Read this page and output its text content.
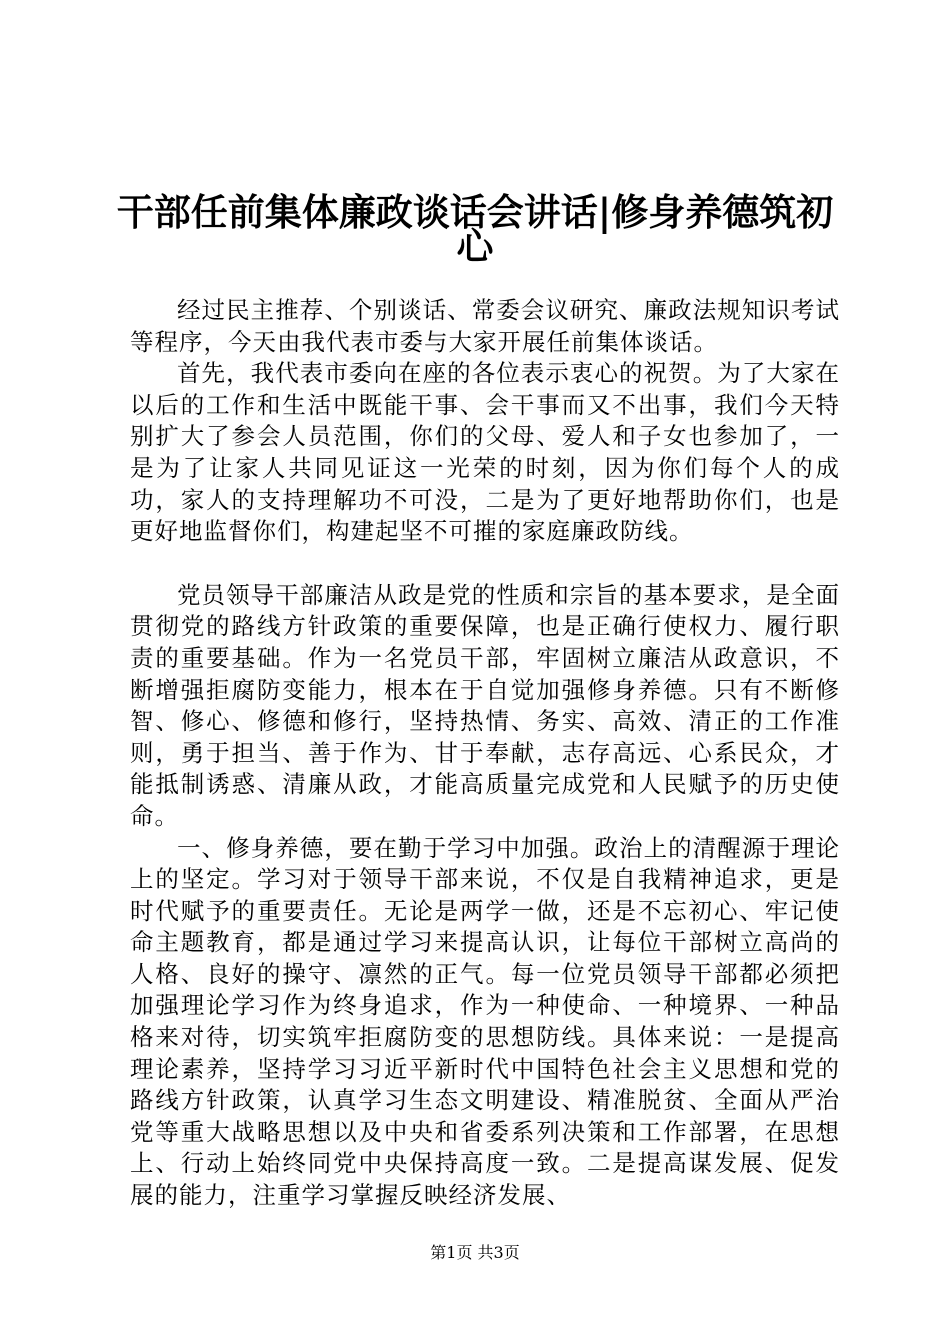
干部任前集体廉政谈话会讲话|修身养德筑初
心

经过民主推荐、个别谈话、常委会议研究、廉政法规知识考试等程序，今天由我代表市委与大家开展任前集体谈话。

首先，我代表市委向在座的各位表示衷心的祝贺。为了大家在以后的工作和生活中既能干事、会干事而又不出事，我们今天特别扩大了参会人员范围，你们的父母、爱人和子女也参加了，一是为了让家人共同见证这一光荣的时刻，因为你们每个人的成功，家人的支持理解功不可没，二是为了更好地帮助你们，也是更好地监督你们，构建起坚不可摧的家庭廉政防线。

党员领导干部廉洁从政是党的性质和宗旨的基本要求，是全面贯彻党的路线方针政策的重要保障，也是正确行使权力、履行职责的重要基础。作为一名党员干部，牢固树立廉洁从政意识，不断增强拒腐防变能力，根本在于自觉加强修身养德。只有不断修智、修心、修德和修行，坚持热情、务实、高效、清正的工作准则，勇于担当、善于作为、甘于奉献，志存高远、心系民众，才能抵制诱惑、清廉从政，才能高质量完成党和人民赋予的历史使命。

一、修身养德，要在勤于学习中加强。政治上的清醒源于理论上的坚定。学习对于领导干部来说，不仅是自我精神追求，更是时代赋予的重要责任。无论是两学一做，还是不忘初心、牢记使命主题教育，都是通过学习来提高认识，让每位干部树立高尚的人格、良好的操守、凛然的正气。每一位党员领导干部都必须把加强理论学习作为终身追求，作为一种使命、一种境界、一种品格来对待，切实筑牢拒腐防变的思想防线。具体来说：一是提高理论素养，坚持学习习近平新时代中国特色社会主义思想和党的路线方针政策，认真学习生态文明建设、精准脱贫、全面从严治党等重大战略思想以及中央和省委系列决策和工作部署，在思想上、行动上始终同党中央保持高度一致。二是提高谋发展、促发展的能力，注重学习掌握反映经济发展、

第1页 共3页
